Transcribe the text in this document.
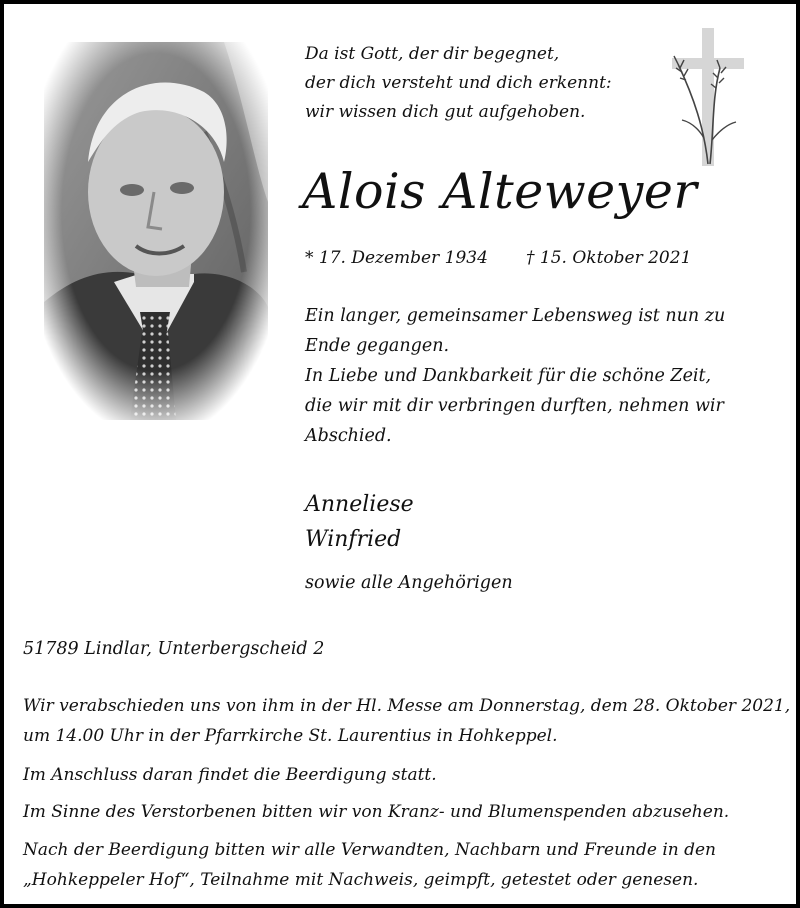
Da ist Gott, der dir begegnet,
der dich versteht und dich erkennt:
wir wissen dich gut aufgehoben.
Alois Alteweyer
* 17. Dezember 1934 † 15. Oktober 2021
Ein langer, gemeinsamer Lebensweg ist nun zu
Ende gegangen.
In Liebe und Dankbarkeit für die schöne Zeit,
die wir mit dir verbringen durften, nehmen wir
Abschied.
Anneliese
Winfried
sowie alle Angehörigen
51789 Lindlar, Unterbergscheid 2
Wir verabschieden uns von ihm in der Hl. Messe am Donnerstag, dem 28. Oktober 2021,
um 14.00 Uhr in der Pfarrkirche St. Laurentius in Hohkeppel.
Im Anschluss daran findet die Beerdigung statt.
Im Sinne des Verstorbenen bitten wir von Kranz- und Blumenspenden abzusehen.
Nach der Beerdigung bitten wir alle Verwandten, Nachbarn und Freunde in den
„Hohkeppeler Hof“, Teilnahme mit Nachweis, geimpft, getestet oder genesen.
